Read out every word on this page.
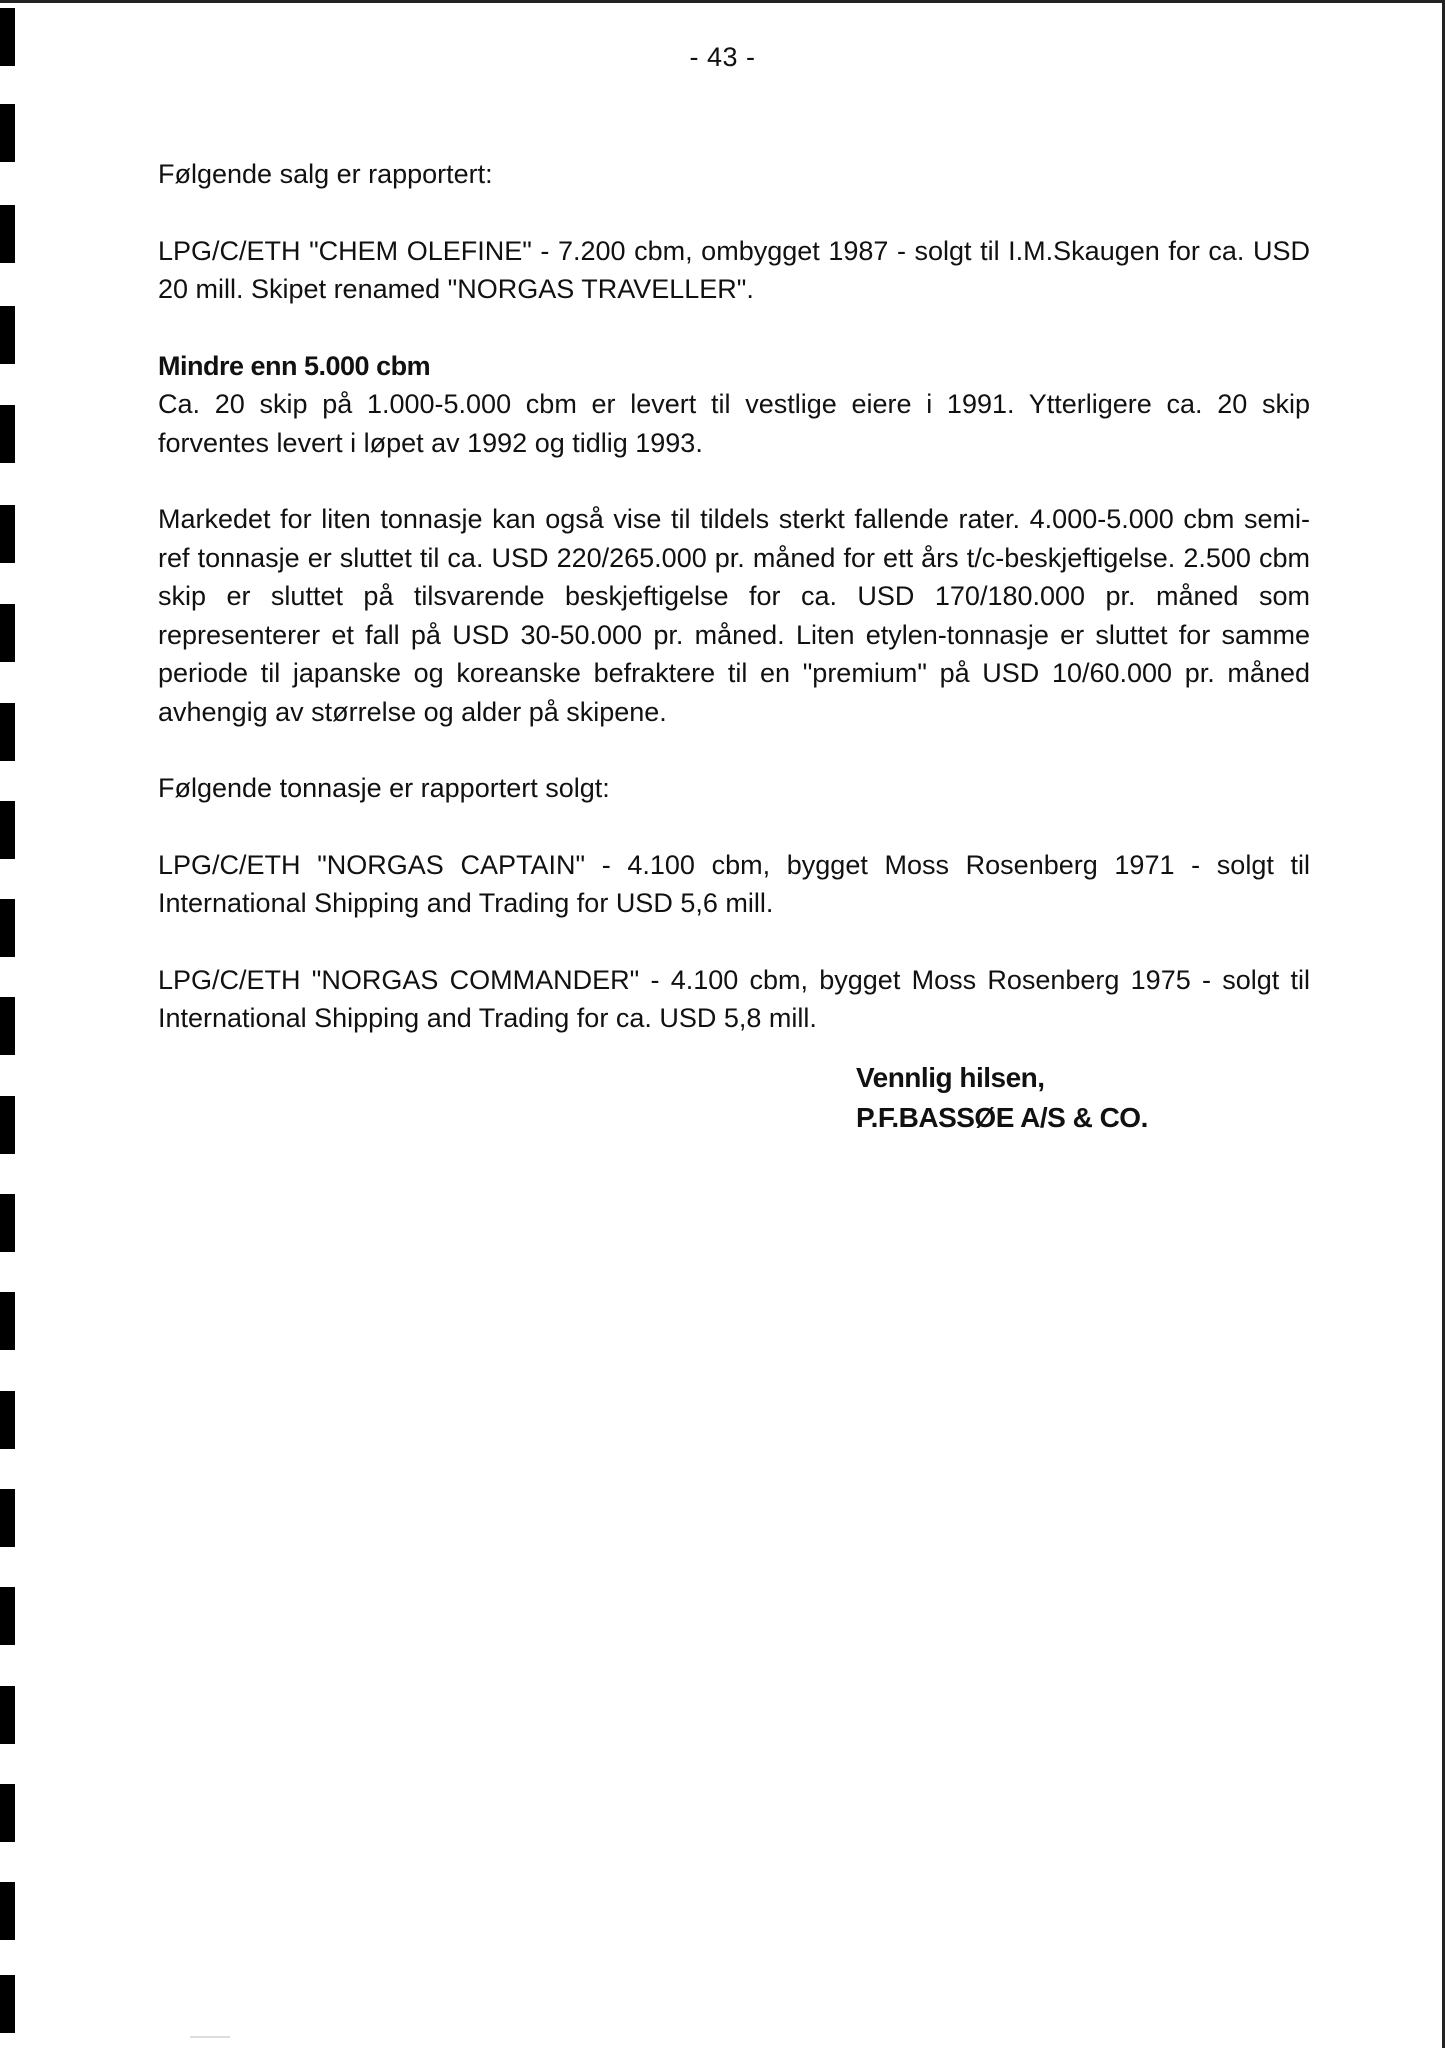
- 43 -

Følgende salg er rapportert:

LPG/C/ETH "CHEM OLEFINE" - 7.200 cbm, ombygget 1987 - solgt til I.M.Skaugen for ca. USD 20 mill. Skipet renamed "NORGAS TRAVELLER".

Mindre enn 5.000 cbm

Ca. 20 skip på 1.000-5.000 cbm er levert til vestlige eiere i 1991. Ytterligere ca. 20 skip forventes levert i løpet av 1992 og tidlig 1993.

Markedet for liten tonnasje kan også vise til tildels sterkt fallende rater. 4.000-5.000 cbm semi-ref tonnasje er sluttet til ca. USD 220/265.000 pr. måned for ett års t/c-beskjeftigelse. 2.500 cbm skip er sluttet på tilsvarende beskjeftigelse for ca. USD 170/180.000 pr. måned som representerer et fall på USD 30-50.000 pr. måned. Liten etylen-tonnasje er sluttet for samme periode til japanske og koreanske befraktere til en "premium" på USD 10/60.000 pr. måned avhengig av størrelse og alder på skipene.

Følgende tonnasje er rapportert solgt:

LPG/C/ETH "NORGAS CAPTAIN" - 4.100 cbm, bygget Moss Rosenberg 1971 - solgt til International Shipping and Trading for USD 5,6 mill.

LPG/C/ETH "NORGAS COMMANDER" - 4.100 cbm, bygget Moss Rosenberg 1975 - solgt til International Shipping and Trading for ca. USD 5,8 mill.

Vennlig hilsen,
P.F.BASSØE A/S & CO.
